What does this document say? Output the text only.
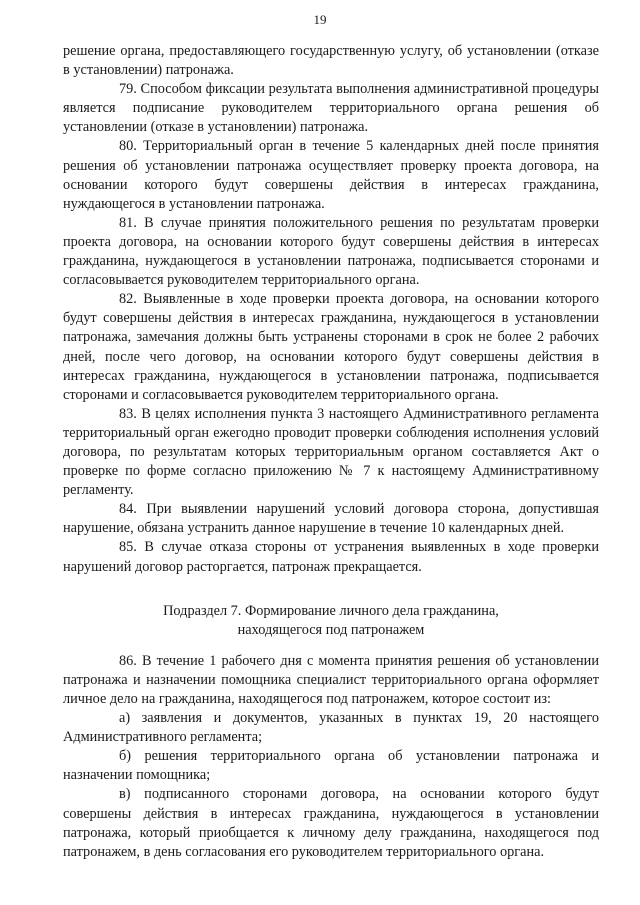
19

решение органа, предоставляющего государственную услугу, об установлении (отказе в установлении) патронажа.

79. Способом фиксации результата выполнения административной процедуры является подписание руководителем территориального органа решения об установлении (отказе в установлении) патронажа.

80. Территориальный орган в течение 5 календарных дней после принятия решения об установлении патронажа осуществляет проверку проекта договора, на основании которого будут совершены действия в интересах гражданина, нуждающегося в установлении патронажа.

81. В случае принятия положительного решения по результатам проверки проекта договора, на основании которого будут совершены действия в интересах гражданина, нуждающегося в установлении патронажа, подписывается сторонами и согласовывается руководителем территориального органа.

82. Выявленные в ходе проверки проекта договора, на основании которого будут совершены действия в интересах гражданина, нуждающегося в установлении патронажа, замечания должны быть устранены сторонами в срок не более 2 рабочих дней, после чего договор, на основании которого будут совершены действия в интересах гражданина, нуждающегося в установлении патронажа, подписывается сторонами и согласовывается руководителем территориального органа.

83. В целях исполнения пункта 3 настоящего Административного регламента территориальный орган ежегодно проводит проверки соблюдения исполнения условий договора, по результатам которых территориальным органом составляется Акт о проверке по форме согласно приложению № 7 к настоящему Административному регламенту.

84. При выявлении нарушений условий договора сторона, допустившая нарушение, обязана устранить данное нарушение в течение 10 календарных дней.

85. В случае отказа стороны от устранения выявленных в ходе проверки нарушений договор расторгается, патронаж прекращается.

Подраздел 7. Формирование личного дела гражданина,
находящегося под патронажем

86. В течение 1 рабочего дня с момента принятия решения об установлении патронажа и назначении помощника специалист территориального органа оформляет личное дело на гражданина, находящегося под патронажем, которое состоит из:

а) заявления и документов, указанных в пунктах 19, 20 настоящего Административного регламента;

б) решения территориального органа об установлении патронажа и назначении помощника;

в) подписанного сторонами договора, на основании которого будут совершены действия в интересах гражданина, нуждающегося в установлении патронажа, который приобщается к личному делу гражданина, находящегося под патронажем, в день согласования его руководителем территориального органа.
